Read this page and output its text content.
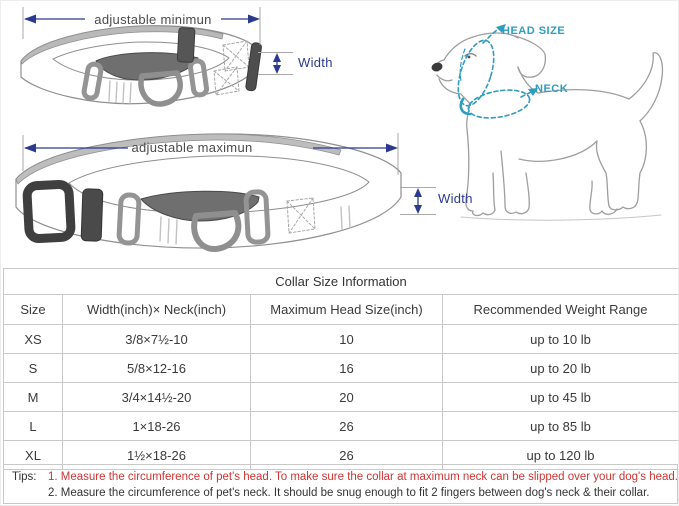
adjustable minimun
Width
adjustable maximun
Width
HEAD SIZE
NECK
Collar Size Information			
Size	Width(inch)× Neck(inch)	Maximum Head Size(inch)	Recommended Weight Range
XS	3/8×7½-10	10	up to 10 lb
S	5/8×12-16	16	up to 20 lb
M	3/4×14½-20	20	up to 45 lb
L	1×18-26	26	up to 85 lb
XL	1½×18-26	26	up to 120 lb
Tips:	1. Measure the circumference of pet's head. To make sure the collar at maximum neck can be slipped over your dog's head.
2. Measure the circumference of pet's neck. It should be snug enough to fit 2 fingers between dog's neck & their collar.
